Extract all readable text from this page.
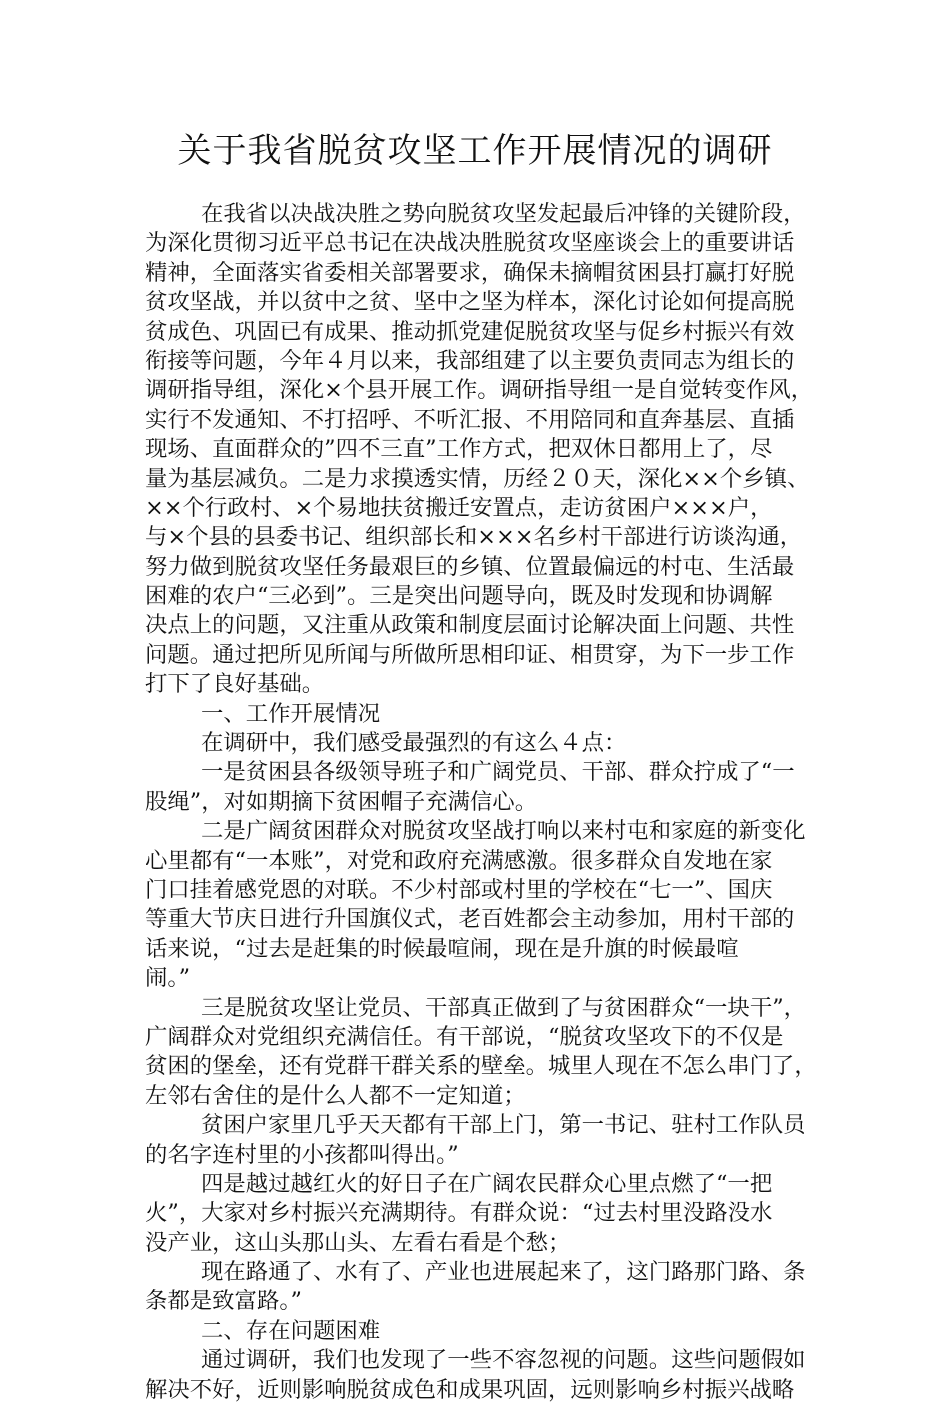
关于我省脱贫攻坚工作开展情况的调研
在我省以决战决胜之势向脱贫攻坚发起最后冲锋的关键阶段，
为深化贯彻习近平总书记在决战决胜脱贫攻坚座谈会上的重要讲话
精神，全面落实省委相关部署要求，确保未摘帽贫困县打赢打好脱
贫攻坚战，并以贫中之贫、坚中之坚为样本，深化讨论如何提高脱
贫成色、巩固已有成果、推动抓党建促脱贫攻坚与促乡村振兴有效
衔接等问题，今年４月以来，我部组建了以主要负责同志为组长的
调研指导组，深化×个县开展工作。调研指导组一是自觉转变作风，
实行不发通知、不打招呼、不听汇报、不用陪同和直奔基层、直插
现场、直面群众的”四不三直”工作方式，把双休日都用上了，尽
量为基层减负。二是力求摸透实情，历经２０天，深化××个乡镇、
××个行政村、×个易地扶贫搬迁安置点，走访贫困户×××户，
与×个县的县委书记、组织部长和×××名乡村干部进行访谈沟通，
努力做到脱贫攻坚任务最艰巨的乡镇、位置最偏远的村屯、生活最
困难的农户“三必到”。三是突出问题导向，既及时发现和协调解
决点上的问题，又注重从政策和制度层面讨论解决面上问题、共性
问题。通过把所见所闻与所做所思相印证、相贯穿，为下一步工作
打下了良好基础。
一、工作开展情况
在调研中，我们感受最强烈的有这么４点：
一是贫困县各级领导班子和广阔党员、干部、群众拧成了“一
股绳”，对如期摘下贫困帽子充满信心。
二是广阔贫困群众对脱贫攻坚战打响以来村屯和家庭的新变化
心里都有“一本账”，对党和政府充满感激。很多群众自发地在家
门口挂着感党恩的对联。不少村部或村里的学校在“七一”、国庆
等重大节庆日进行升国旗仪式，老百姓都会主动参加，用村干部的
话来说，“过去是赶集的时候最喧闹，现在是升旗的时候最喧
闹。”
三是脱贫攻坚让党员、干部真正做到了与贫困群众“一块干”，
广阔群众对党组织充满信任。有干部说，“脱贫攻坚攻下的不仅是
贫困的堡垒，还有党群干群关系的壁垒。城里人现在不怎么串门了，
左邻右舍住的是什么人都不一定知道；
贫困户家里几乎天天都有干部上门，第一书记、驻村工作队员
的名字连村里的小孩都叫得出。”
四是越过越红火的好日子在广阔农民群众心里点燃了“一把
火”，大家对乡村振兴充满期待。有群众说：“过去村里没路没水
没产业，这山头那山头、左看右看是个愁；
现在路通了、水有了、产业也进展起来了，这门路那门路、条
条都是致富路。”
二、存在问题困难
通过调研，我们也发现了一些不容忽视的问题。这些问题假如
解决不好，近则影响脱贫成色和成果巩固，远则影响乡村振兴战略
